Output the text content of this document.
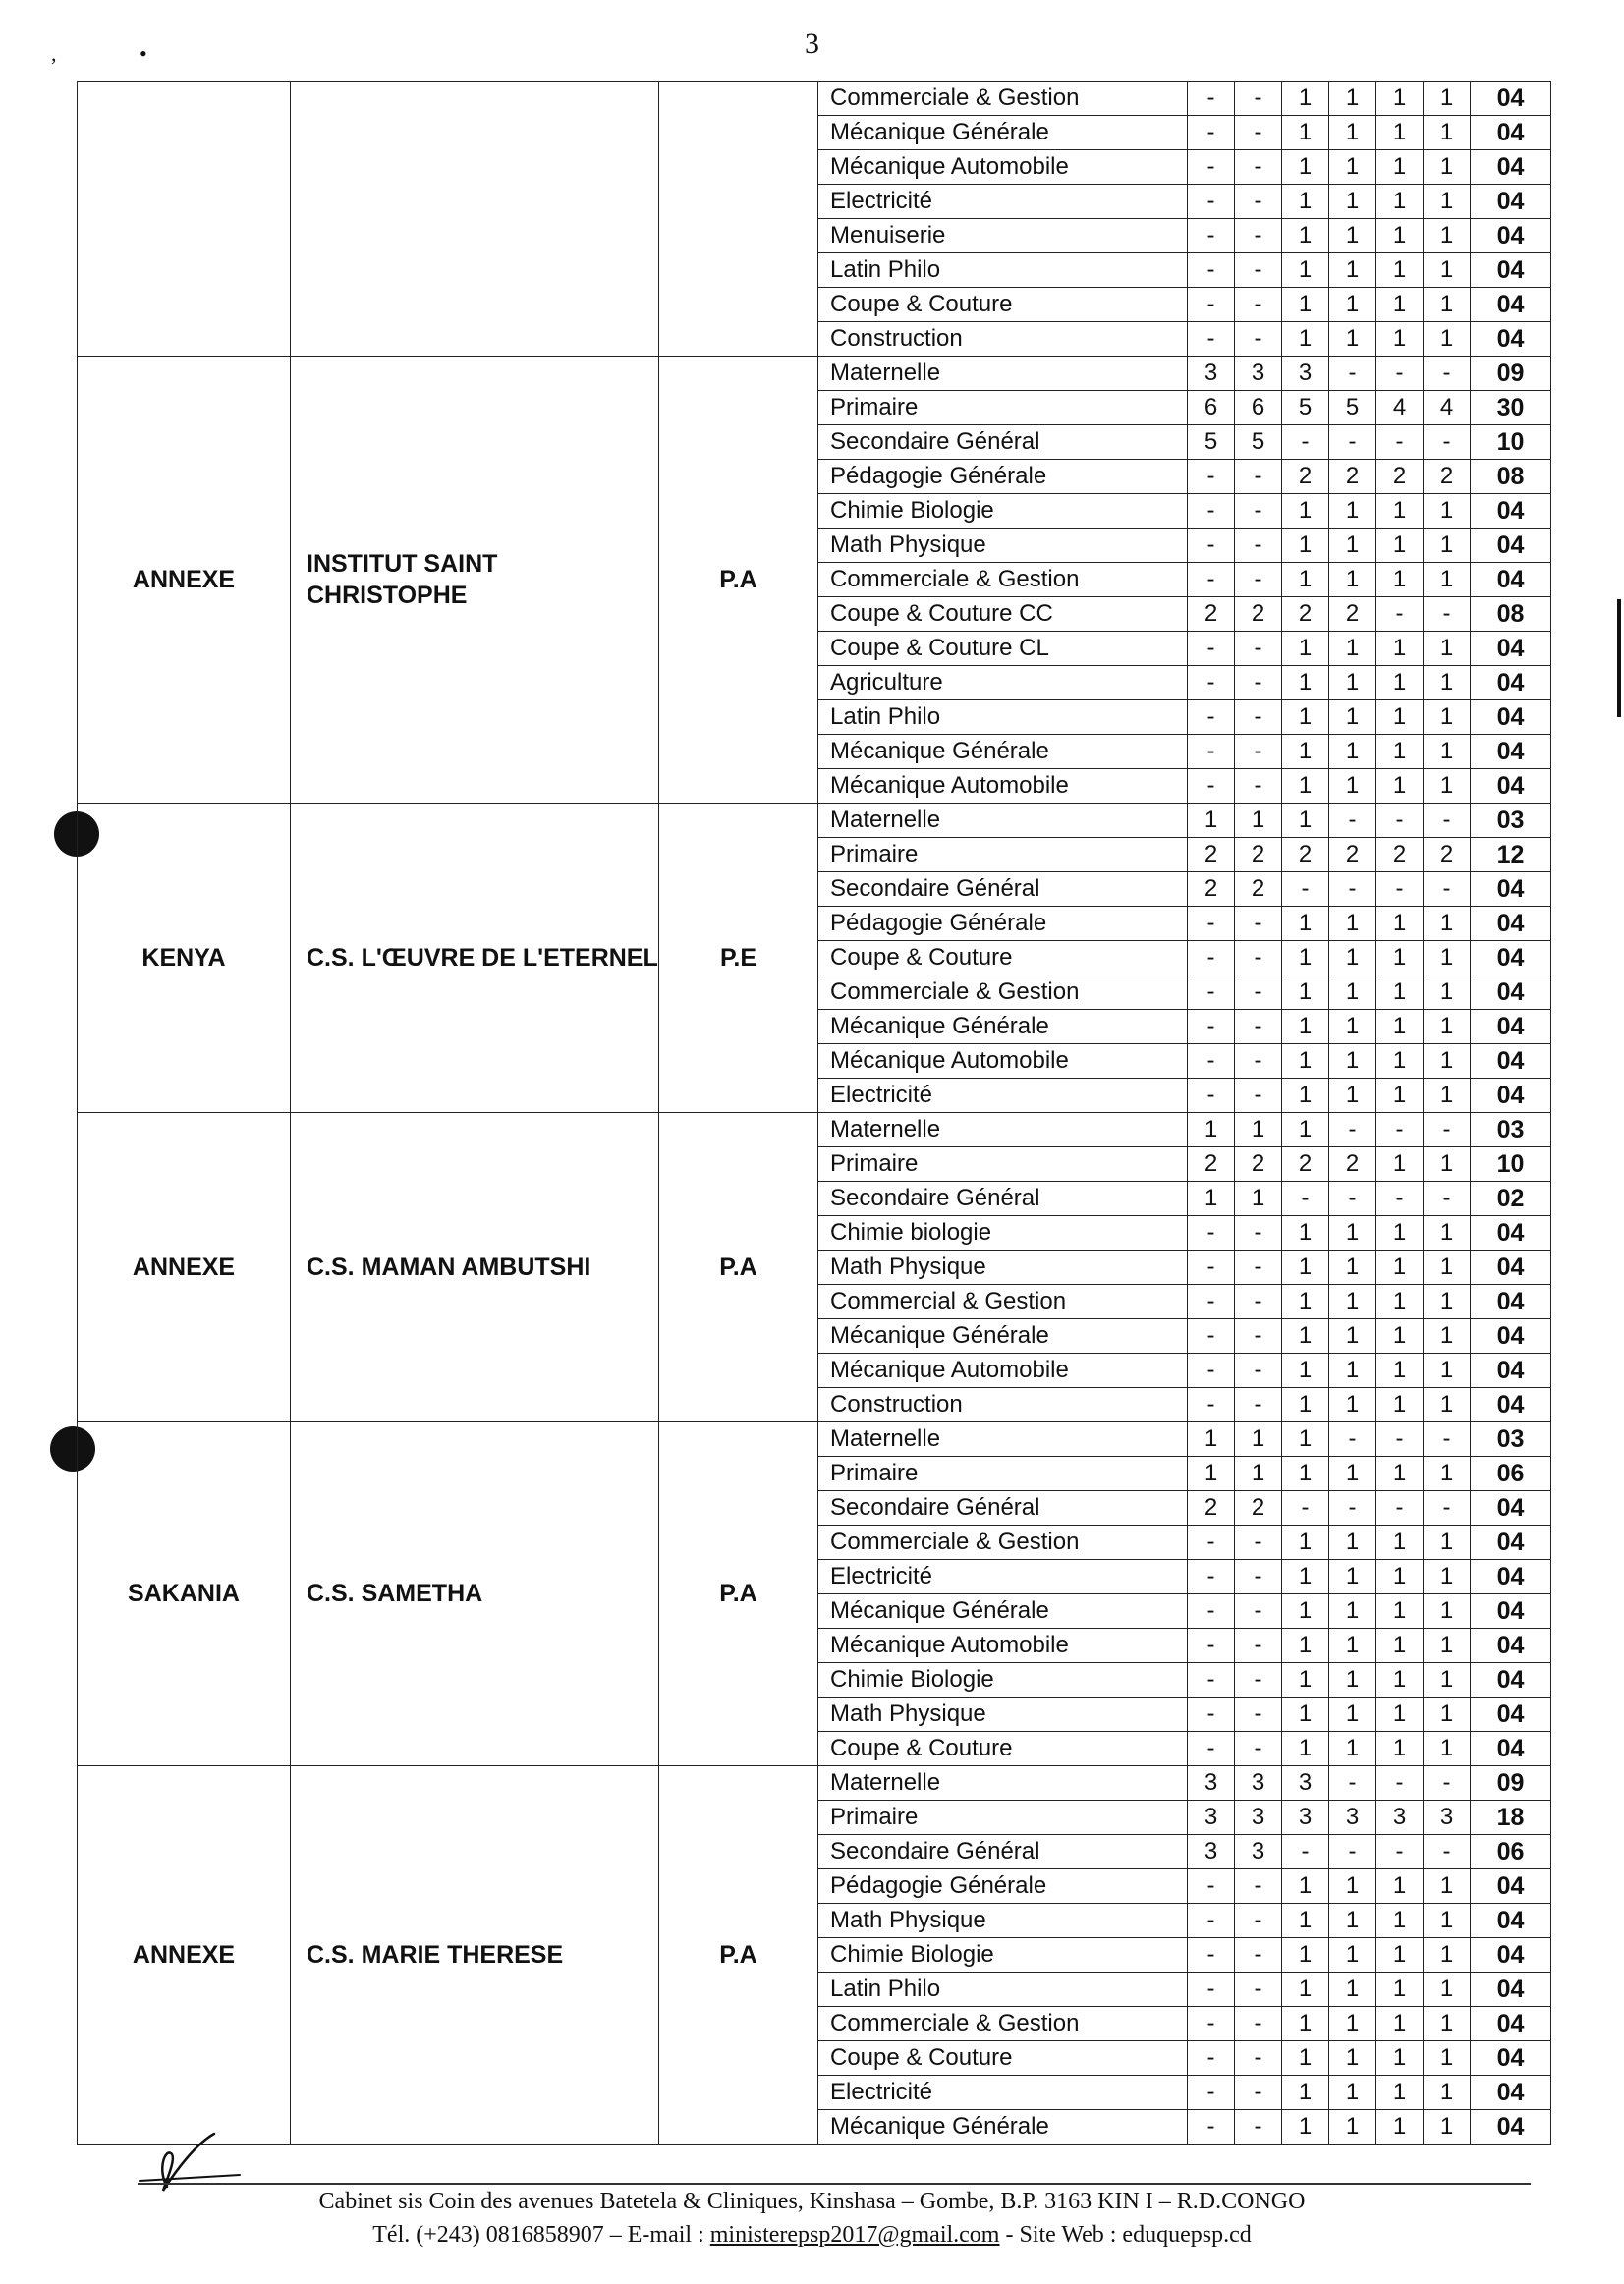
3
,	•
			Commerciale & Gestion	-	-	1	1	1	1	04
			Mécanique Générale	-	-	1	1	1	1	04
			Mécanique Automobile	-	-	1	1	1	1	04
			Electricité	-	-	1	1	1	1	04
			Menuiserie	-	-	1	1	1	1	04
			Latin Philo	-	-	1	1	1	1	04
			Coupe & Couture	-	-	1	1	1	1	04
			Construction	-	-	1	1	1	1	04
ANNEXE	INSTITUT SAINT CHRISTOPHE	P.A	Maternelle	3	3	3	-	-	-	09
			Primaire	6	6	5	5	4	4	30
			Secondaire Général	5	5	-	-	-	-	10
			Pédagogie Générale	-	-	2	2	2	2	08
			Chimie Biologie	-	-	1	1	1	1	04
			Math Physique	-	-	1	1	1	1	04
			Commerciale & Gestion	-	-	1	1	1	1	04
			Coupe & Couture CC	2	2	2	2	-	-	08
			Coupe & Couture CL	-	-	1	1	1	1	04
			Agriculture	-	-	1	1	1	1	04
			Latin Philo	-	-	1	1	1	1	04
			Mécanique Générale	-	-	1	1	1	1	04
			Mécanique Automobile	-	-	1	1	1	1	04
KENYA	C.S. L'ŒUVRE DE L'ETERNEL	P.E	Maternelle	1	1	1	-	-	-	03
			Primaire	2	2	2	2	2	2	12
			Secondaire Général	2	2	-	-	-	-	04
			Pédagogie Générale	-	-	1	1	1	1	04
			Coupe & Couture	-	-	1	1	1	1	04
			Commerciale & Gestion	-	-	1	1	1	1	04
			Mécanique Générale	-	-	1	1	1	1	04
			Mécanique Automobile	-	-	1	1	1	1	04
			Electricité	-	-	1	1	1	1	04
ANNEXE	C.S. MAMAN AMBUTSHI	P.A	Maternelle	1	1	1	-	-	-	03
			Primaire	2	2	2	2	1	1	10
			Secondaire Général	1	1	-	-	-	-	02
			Chimie biologie	-	-	1	1	1	1	04
			Math Physique	-	-	1	1	1	1	04
			Commercial & Gestion	-	-	1	1	1	1	04
			Mécanique Générale	-	-	1	1	1	1	04
			Mécanique Automobile	-	-	1	1	1	1	04
			Construction	-	-	1	1	1	1	04
SAKANIA	C.S. SAMETHA	P.A	Maternelle	1	1	1	-	-	-	03
			Primaire	1	1	1	1	1	1	06
			Secondaire Général	2	2	-	-	-	-	04
			Commerciale & Gestion	-	-	1	1	1	1	04
			Electricité	-	-	1	1	1	1	04
			Mécanique Générale	-	-	1	1	1	1	04
			Mécanique Automobile	-	-	1	1	1	1	04
			Chimie Biologie	-	-	1	1	1	1	04
			Math Physique	-	-	1	1	1	1	04
			Coupe & Couture	-	-	1	1	1	1	04
ANNEXE	C.S. MARIE THERESE	P.A	Maternelle	3	3	3	-	-	-	09
			Primaire	3	3	3	3	3	3	18
			Secondaire Général	3	3	-	-	-	-	06
			Pédagogie Générale	-	-	1	1	1	1	04
			Math Physique	-	-	1	1	1	1	04
			Chimie Biologie	-	-	1	1	1	1	04
			Latin Philo	-	-	1	1	1	1	04
			Commerciale & Gestion	-	-	1	1	1	1	04
			Coupe & Couture	-	-	1	1	1	1	04
			Electricité	-	-	1	1	1	1	04
			Mécanique Générale	-	-	1	1	1	1	04
Cabinet sis Coin des avenues Batetela & Cliniques, Kinshasa – Gombe, B.P. 3163 KIN I – R.D.CONGO
Tél. (+243) 0816858907 – E-mail : ministerepsp2017@gmail.com - Site Web : eduquepsp.cd
